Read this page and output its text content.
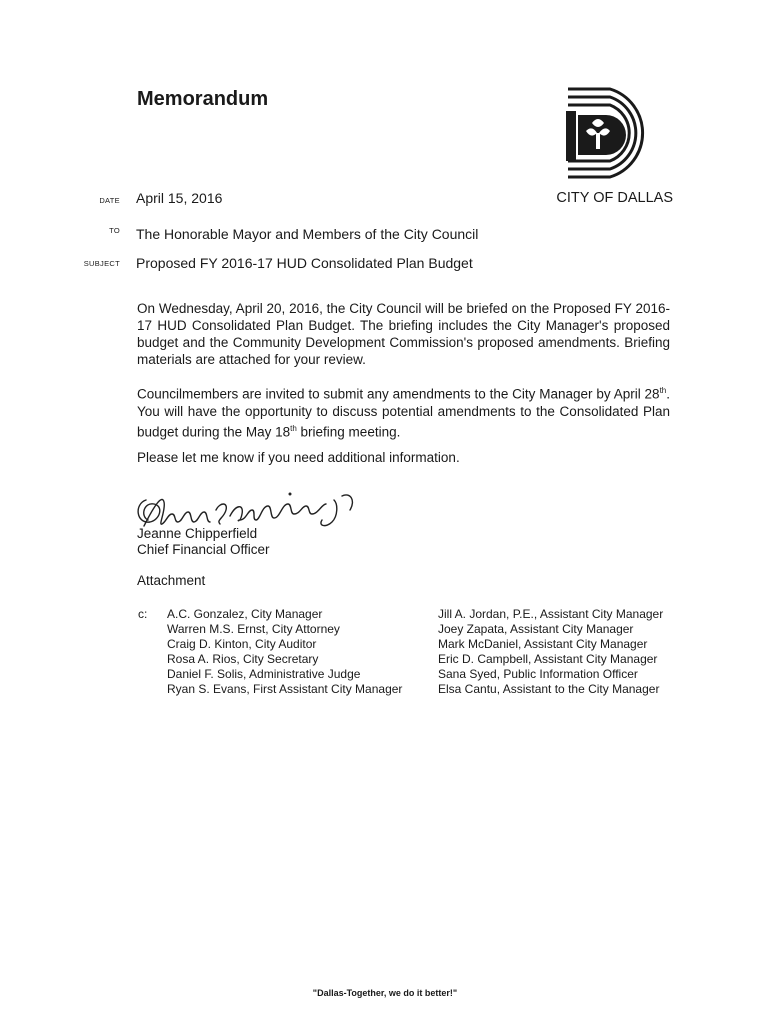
Memorandum
CITY OF DALLAS
DATE April 15, 2016
TO The Honorable Mayor and Members of the City Council
SUBJECT Proposed FY 2016-17 HUD Consolidated Plan Budget

On Wednesday, April 20, 2016, the City Council will be briefed on the Proposed FY 2016-17 HUD Consolidated Plan Budget. The briefing includes the City Manager's proposed budget and the Community Development Commission's proposed amendments. Briefing materials are attached for your review.

Councilmembers are invited to submit any amendments to the City Manager by April 28th. You will have the opportunity to discuss potential amendments to the Consolidated Plan budget during the May 18th briefing meeting.

Please let me know if you need additional information.

Jeanne Chipperfield
Chief Financial Officer
Attachment
c: A.C. Gonzalez, City Manager
Warren M.S. Ernst, City Attorney
Craig D. Kinton, City Auditor
Rosa A. Rios, City Secretary
Daniel F. Solis, Administrative Judge
Ryan S. Evans, First Assistant City Manager
Jill A. Jordan, P.E., Assistant City Manager
Joey Zapata, Assistant City Manager
Mark McDaniel, Assistant City Manager
Eric D. Campbell, Assistant City Manager
Sana Syed, Public Information Officer
Elsa Cantu, Assistant to the City Manager
"Dallas-Together, we do it better!"
